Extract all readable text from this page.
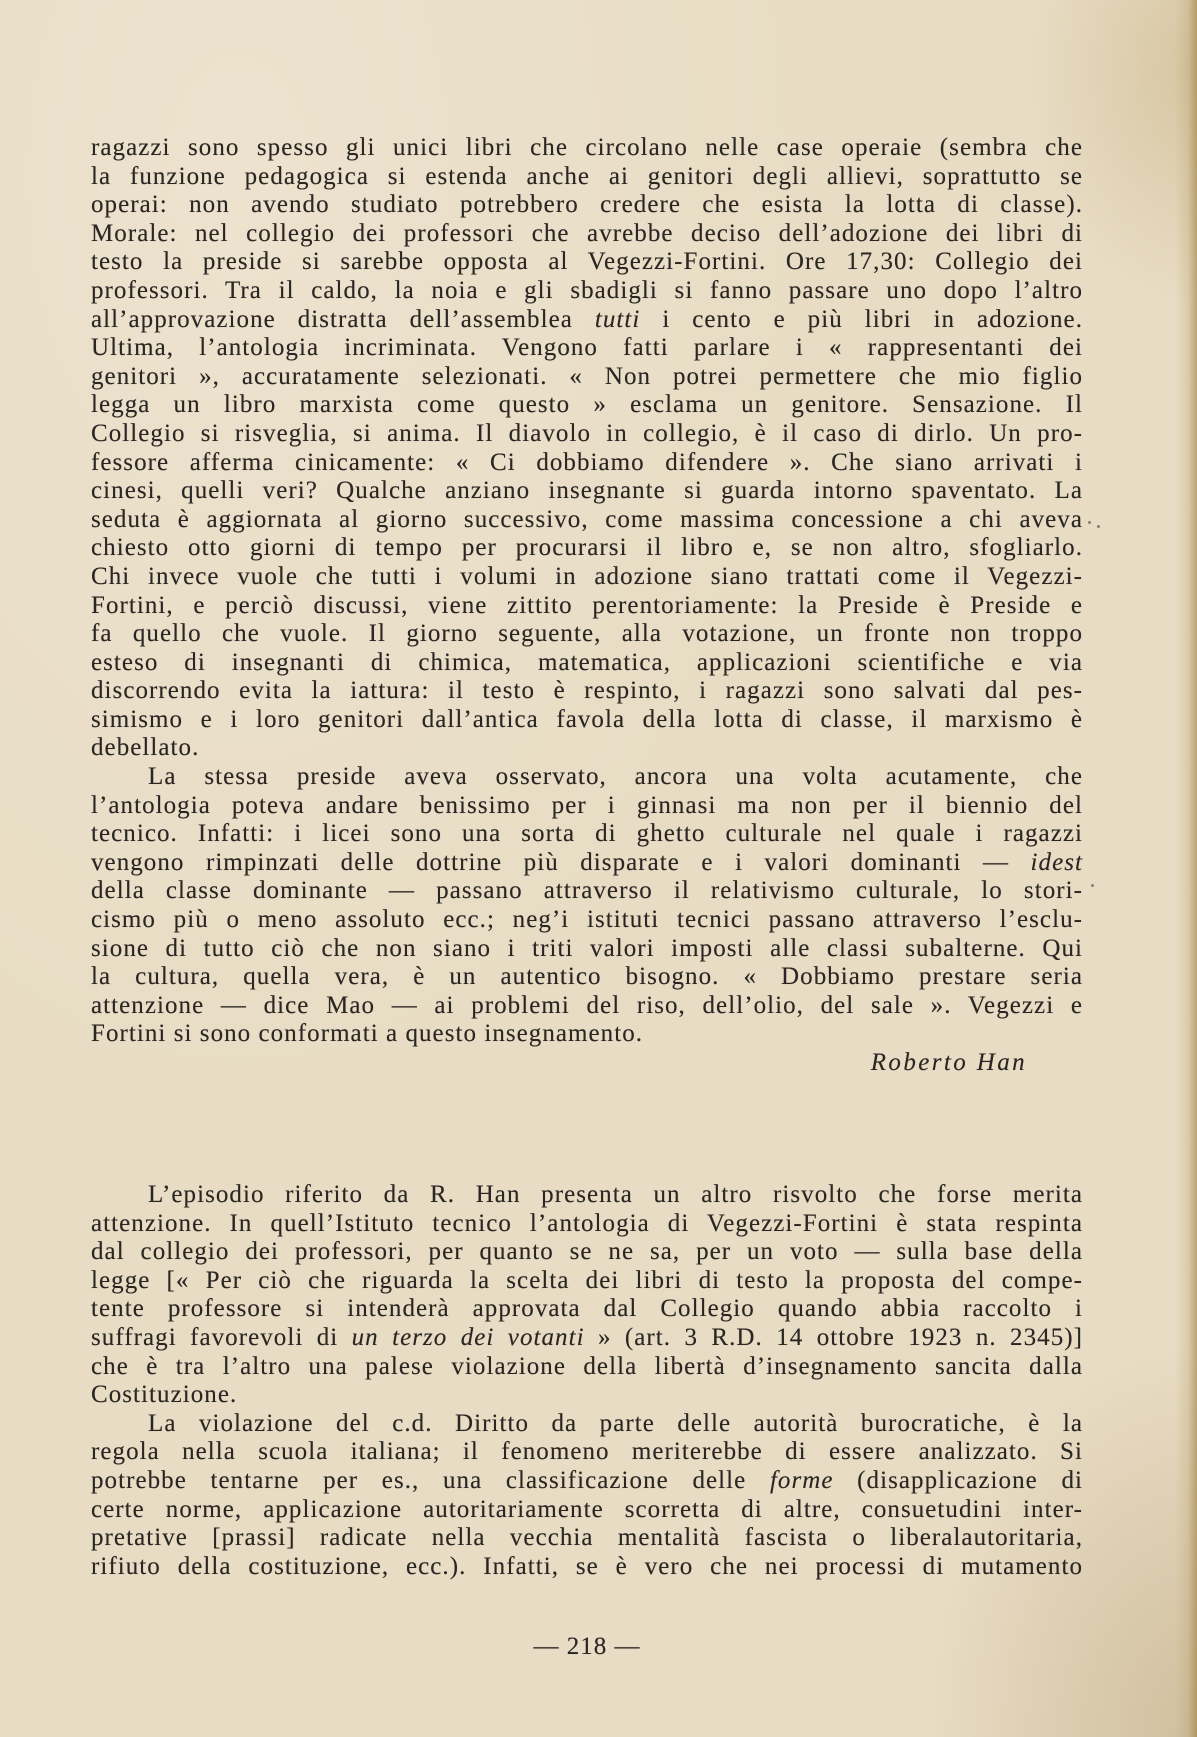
ragazzi sono spesso gli unici libri che circolano nelle case operaie (sembra che
la funzione pedagogica si estenda anche ai genitori degli allievi, soprattutto se
operai: non avendo studiato potrebbero credere che esista la lotta di classe).
Morale: nel collegio dei professori che avrebbe deciso dell’adozione dei libri di
testo la preside si sarebbe opposta al Vegezzi-Fortini. Ore 17,30: Collegio dei
professori. Tra il caldo, la noia e gli sbadigli si fanno passare uno dopo l’altro
all’approvazione distratta dell’assemblea tutti i cento e più libri in adozione.
Ultima, l’antologia incriminata. Vengono fatti parlare i « rappresentanti dei
genitori », accuratamente selezionati. « Non potrei permettere che mio figlio
legga un libro marxista come questo » esclama un genitore. Sensazione. Il
Collegio si risveglia, si anima. Il diavolo in collegio, è il caso di dirlo. Un pro-
fessore afferma cinicamente: « Ci dobbiamo difendere ». Che siano arrivati i
cinesi, quelli veri? Qualche anziano insegnante si guarda intorno spaventato. La
seduta è aggiornata al giorno successivo, come massima concessione a chi aveva
chiesto otto giorni di tempo per procurarsi il libro e, se non altro, sfogliarlo.
Chi invece vuole che tutti i volumi in adozione siano trattati come il Vegezzi-
Fortini, e perciò discussi, viene zittito perentoriamente: la Preside è Preside e
fa quello che vuole. Il giorno seguente, alla votazione, un fronte non troppo
esteso di insegnanti di chimica, matematica, applicazioni scientifiche e via
discorrendo evita la iattura: il testo è respinto, i ragazzi sono salvati dal pes-
simismo e i loro genitori dall’antica favola della lotta di classe, il marxismo è
debellato.
La stessa preside aveva osservato, ancora una volta acutamente, che
l’antologia poteva andare benissimo per i ginnasi ma non per il biennio del
tecnico. Infatti: i licei sono una sorta di ghetto culturale nel quale i ragazzi
vengono rimpinzati delle dottrine più disparate e i valori dominanti — idest
della classe dominante — passano attraverso il relativismo culturale, lo stori-
cismo più o meno assoluto ecc.; neg’i istituti tecnici passano attraverso l’esclu-
sione di tutto ciò che non siano i triti valori imposti alle classi subalterne. Qui
la cultura, quella vera, è un autentico bisogno. « Dobbiamo prestare seria
attenzione — dice Mao — ai problemi del riso, dell’olio, del sale ». Vegezzi e
Fortini si sono conformati a questo insegnamento.
Roberto Han
L’episodio riferito da R. Han presenta un altro risvolto che forse merita
attenzione. In quell’Istituto tecnico l’antologia di Vegezzi-Fortini è stata respinta
dal collegio dei professori, per quanto se ne sa, per un voto — sulla base della
legge [« Per ciò che riguarda la scelta dei libri di testo la proposta del compe-
tente professore si intenderà approvata dal Collegio quando abbia raccolto i
suffragi favorevoli di un terzo dei votanti » (art. 3 R.D. 14 ottobre 1923 n. 2345)]
che è tra l’altro una palese violazione della libertà d’insegnamento sancita dalla
Costituzione.
La violazione del c.d. Diritto da parte delle autorità burocratiche, è la
regola nella scuola italiana; il fenomeno meriterebbe di essere analizzato. Si
potrebbe tentarne per es., una classificazione delle forme (disapplicazione di
certe norme, applicazione autoritariamente scorretta di altre, consuetudini inter-
pretative [prassi] radicate nella vecchia mentalità fascista o liberalautoritaria,
rifiuto della costituzione, ecc.). Infatti, se è vero che nei processi di mutamento
— 218 —
